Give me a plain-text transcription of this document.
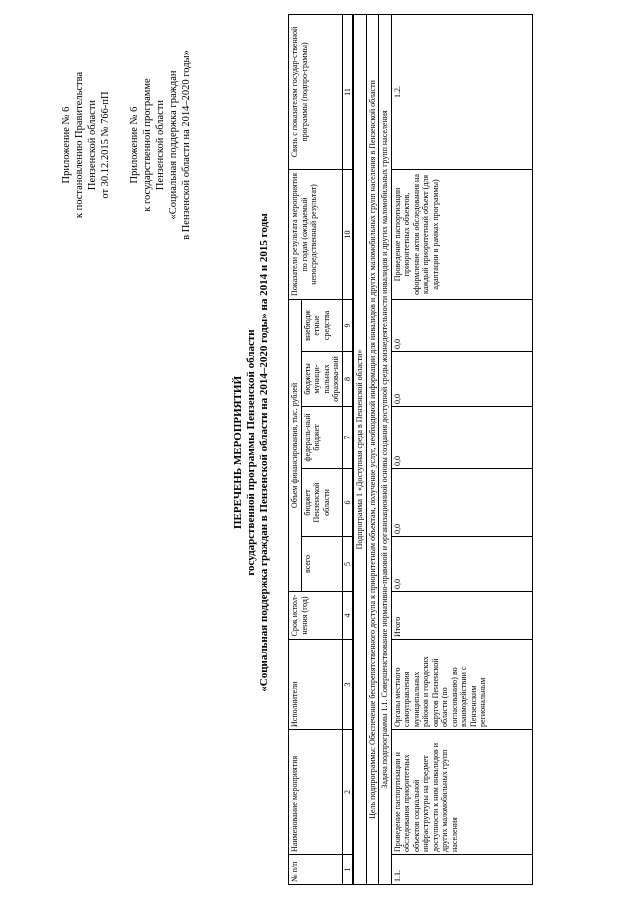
Приложение № 6 к постановлению Правительства Пензенской области от 30.12.2015 № 766-пП Приложение № 6 к государственной программе Пензенской области «Социальная поддержка граждан в Пензенской области на 2014–2020 годы»
ПЕРЕЧЕНЬ МЕРОПРИЯТИЙ государственной программы Пензенской области «Социальная поддержка граждан в Пензенской области на 2014–2020 годы» на 2014 и 2015 годы
№ п/п	Наименование мероприятия	Исполнители	Срок испол-нения (год)	Объем финансирования, тыс. рублей					Показатели результата мероприятия по годам (ожидаемый непосредственный результат)	Связь с показателям госудap-ственной программы (подпро-граммы)
				всего	бюджет Пензенской области	федераль-ный бюджет	бюджеты муници-пальных образова-ний	внебюдж етные средства		
1	2	3	4	5	6	7	8	9	10	11
Подпрограмма 1 «Доступная среда в Пензенской области»										
Цель подпрограммы: Обеспечение беспрепятственного доступа к приоритетным объектам, получение услуг, необходимой информации для инвалидов и других маломобильных групп населения в Пензенской области										
Задача подпрограммы 1.1. Совершенствование нормативно-правовой и организационной основы создания доступной среды жизнедеятельности инвалидов и других маломобильных групп населения										
1.1.	Проведение паспортизации и обследования приоритетных объектов социальной инфраструктуры на предмет доступности к ним инвалидов и других маломобильных групп населения	Органы местного самоуправления муниципальных районов и городских округов Пензенской области (по согласованию) во взаимодействии с Пензенским региональным	Итого	0,0	0,0	0,0	0,0	0,0	Проведение паспортизации приоритетных объектов, оформление актов обследования на каждый приоритетный объект (для адаптации в рамках программы)	1.2.
